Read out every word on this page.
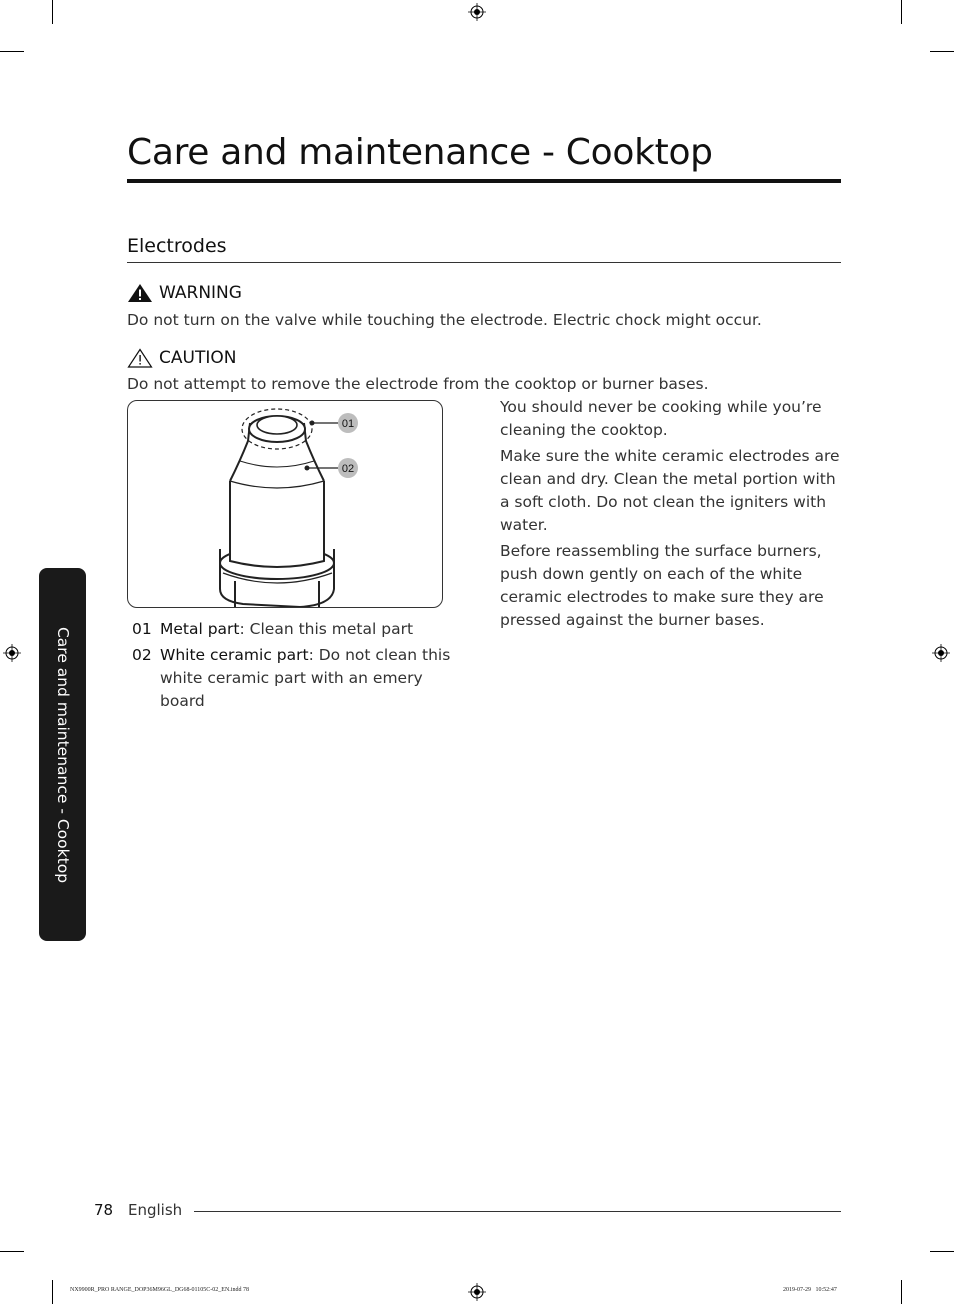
Care and maintenance - Cooktop
Electrodes
WARNING
Do not turn on the valve while touching the electrode. Electric chock might occur.
CAUTION
Do not attempt to remove the electrode from the cooktop or burner bases.
01
02
01 Metal part: Clean this metal part
02 White ceramic part: Do not clean this white ceramic part with an emery board

You should never be cooking while you’re cleaning the cooktop.

Make sure the white ceramic electrodes are clean and dry. Clean the metal portion with a soft cloth. Do not clean the igniters with water.

Before reassembling the surface burners, push down gently on each of the white ceramic electrodes to make sure they are pressed against the burner bases.

Care and maintenance - Cooktop
78 English
NX9900R_PRO RANGE_DOP36M96GL_DG68-01105C-02_EN.indd 78	2019-07-29   10:52:47
